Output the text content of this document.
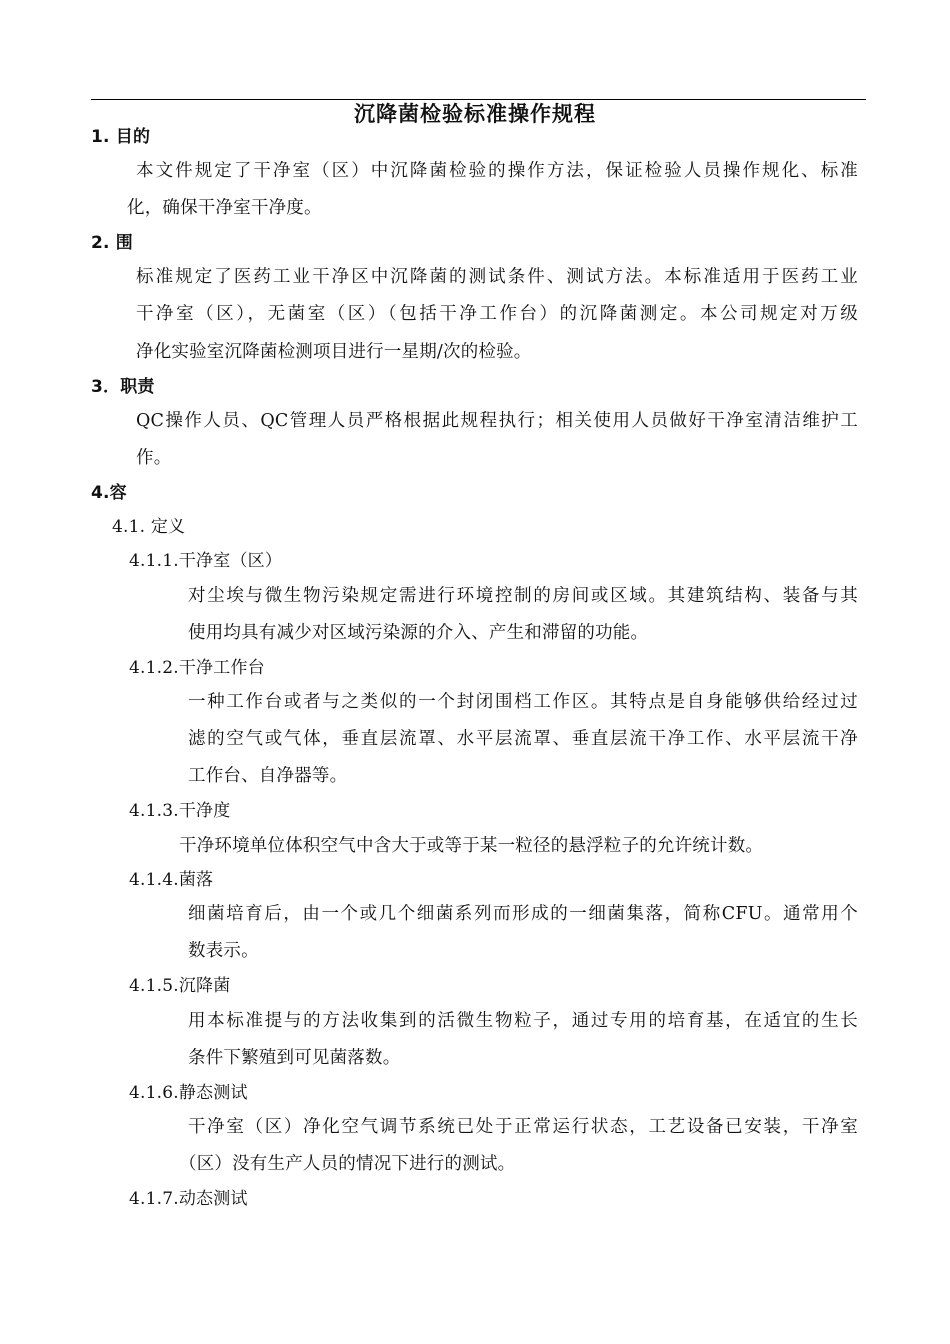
沉降菌检验标准操作规程
1. 目的
本文件规定了干净室（区）中沉降菌检验的操作方法，保证检验人员操作规化、标准
化，确保干净室干净度。
2. 围
标准规定了医药工业干净区中沉降菌的测试条件、测试方法。本标准适用于医药工业
干净室（区），无菌室（区）（包括干净工作台）的沉降菌测定。本公司规定对万级
净化实验室沉降菌检测项目进行一星期/次的检验。
3．职责
QC操作人员、QC管理人员严格根据此规程执行；相关使用人员做好干净室清洁维护工
作。
4.容
4.1. 定义
4.1.1.干净室（区）
对尘埃与微生物污染规定需进行环境控制的房间或区域。其建筑结构、装备与其
使用均具有减少对区域污染源的介入、产生和滞留的功能。
4.1.2.干净工作台
一种工作台或者与之类似的一个封闭围档工作区。其特点是自身能够供给经过过
滤的空气或气体，垂直层流罩、水平层流罩、垂直层流干净工作、水平层流干净
工作台、自净器等。
4.1.3.干净度
干净环境单位体积空气中含大于或等于某一粒径的悬浮粒子的允许统计数。
4.1.4.菌落
细菌培育后，由一个或几个细菌系列而形成的一细菌集落，简称CFU。通常用个
数表示。
4.1.5.沉降菌
用本标准提与的方法收集到的活微生物粒子，通过专用的培育基，在适宜的生长
条件下繁殖到可见菌落数。
4.1.6.静态测试
干净室（区）净化空气调节系统已处于正常运行状态，工艺设备已安装，干净室
（区）没有生产人员的情况下进行的测试。
4.1.7.动态测试
